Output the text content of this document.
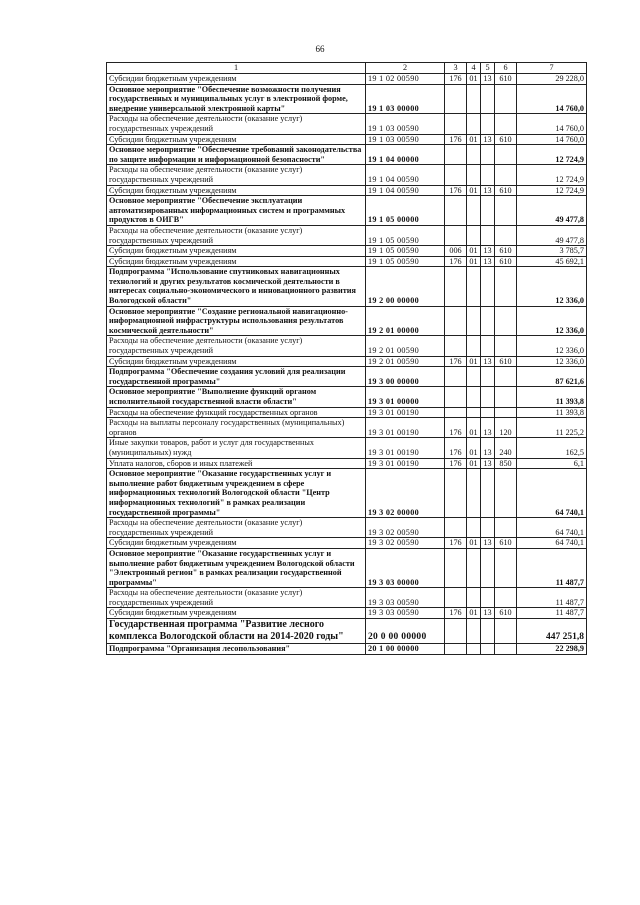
66
1	2	3	4	5	6	7
Субсидии бюджетным учреждениям	19 1 02 00590	176	01	13	610	29 228,0
Основное мероприятие "Обеспечение возможности получения государственных и муниципальных услуг в электронной форме, внедрение универсальной электронной карты"	19 1 03 00000					14 760,0
Расходы на обеспечение деятельности (оказание услуг) государственных учреждений	19 1 03 00590					14 760,0
Субсидии бюджетным учреждениям	19 1 03 00590	176	01	13	610	14 760,0
Основное мероприятие "Обеспечение требований законодательства по защите информации и информационной безопасности"	19 1 04 00000					12 724,9
Расходы на обеспечение деятельности (оказание услуг) государственных учреждений	19 1 04 00590					12 724,9
Субсидии бюджетным учреждениям	19 1 04 00590	176	01	13	610	12 724,9
Основное мероприятие "Обеспечение эксплуатации автоматизированных информационных систем и программных продуктов в ОИГВ"	19 1 05 00000					49 477,8
Расходы на обеспечение деятельности (оказание услуг) государственных учреждений	19 1 05 00590					49 477,8
Субсидии бюджетным учреждениям	19 1 05 00590	006	01	13	610	3 785,7
Субсидии бюджетным учреждениям	19 1 05 00590	176	01	13	610	45 692,1
Подпрограмма "Использование спутниковых навигационных технологий и других результатов космической деятельности в интересах социально-экономического и инновационного развития Вологодской области"	19 2 00 00000					12 336,0
Основное мероприятие "Создание региональной навигационно-информационной инфраструктуры использования результатов космической деятельности"	19 2 01 00000					12 336,0
Расходы на обеспечение деятельности (оказание услуг) государственных учреждений	19 2 01 00590					12 336,0
Субсидии бюджетным учреждениям	19 2 01 00590	176	01	13	610	12 336,0
Подпрограмма "Обеспечение создания условий для реализации государственной программы"	19 3 00 00000					87 621,6
Основное мероприятие "Выполнение функций органом исполнительной государственной власти области"	19 3 01 00000					11 393,8
Расходы на обеспечение функций государственных органов	19 3 01 00190					11 393,8
Расходы на выплаты персоналу государственных (муниципальных) органов	19 3 01 00190	176	01	13	120	11 225,2
Иные закупки товаров, работ и услуг для государственных (муниципальных) нужд	19 3 01 00190	176	01	13	240	162,5
Уплата налогов, сборов и иных платежей	19 3 01 00190	176	01	13	850	6,1
Основное мероприятие "Оказание государственных услуг и выполнение работ бюджетным учреждением в сфере информационных технологий Вологодской области "Центр информационных технологий" в рамках реализации государственной программы"	19 3 02 00000					64 740,1
Расходы на обеспечение деятельности (оказание услуг) государственных учреждений	19 3 02 00590					64 740,1
Субсидии бюджетным учреждениям	19 3 02 00590	176	01	13	610	64 740,1
Основное мероприятие "Оказание государственных услуг и выполнение работ бюджетным учреждением Вологодской области "Электронный регион" в рамках реализации государственной программы"	19 3 03 00000					11 487,7
Расходы на обеспечение деятельности (оказание услуг) государственных учреждений	19 3 03 00590					11 487,7
Субсидии бюджетным учреждениям	19 3 03 00590	176	01	13	610	11 487,7
Государственная программа "Развитие лесного комплекса Вологодской области на 2014-2020 годы"	20 0 00 00000					447 251,8
Подпрограмма "Организация лесопользования"	20 1 00 00000					22 298,9
